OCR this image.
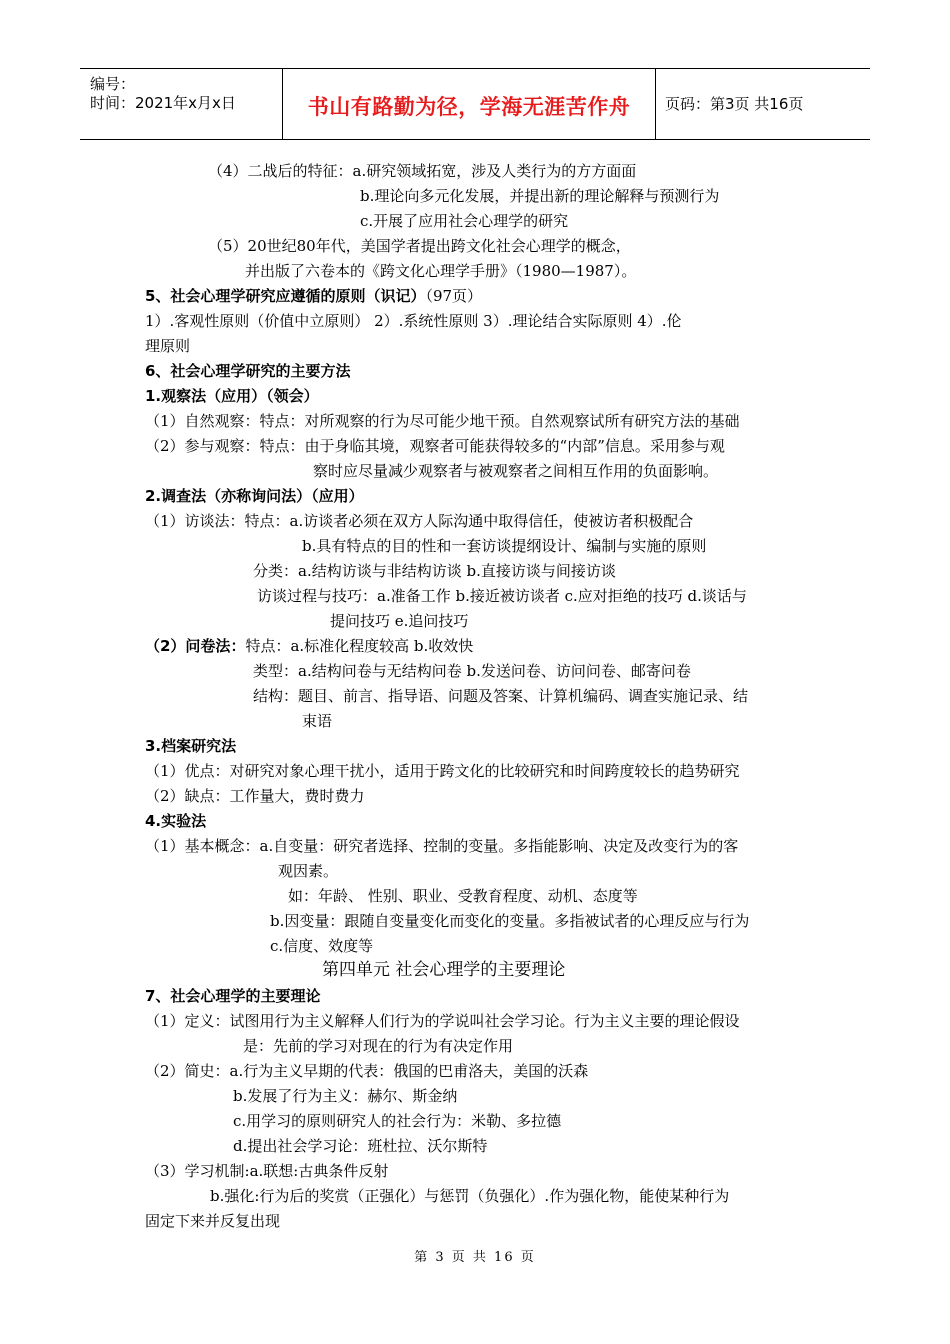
编号：
时间：2021年x月x日	书山有路勤为径，学海无涯苦作舟	页码：第3页 共16页
（4）二战后的特征：a.研究领域拓宽，涉及人类行为的方方面面
b.理论向多元化发展，并提出新的理论解释与预测行为
c.开展了应用社会心理学的研究
（5）20世纪80年代，美国学者提出跨文化社会心理学的概念，
并出版了六卷本的《跨文化心理学手册》（1980—1987）。
5、社会心理学研究应遵循的原则（识记）（97页）
1）.客观性原则（价值中立原则） 2）.系统性原则 3）.理论结合实际原则 4）.伦
理原则
6、社会心理学研究的主要方法
1.观察法（应用）（领会）
（1）自然观察：特点：对所观察的行为尽可能少地干预。自然观察试所有研究方法的基础
（2）参与观察：特点：由于身临其境，观察者可能获得较多的“内部”信息。采用参与观
察时应尽量减少观察者与被观察者之间相互作用的负面影响。
2.调查法（亦称询问法）（应用）
（1）访谈法：特点：a.访谈者必须在双方人际沟通中取得信任，使被访者积极配合
b.具有特点的目的性和一套访谈提纲设计、编制与实施的原则
分类：a.结构访谈与非结构访谈 b.直接访谈与间接访谈
访谈过程与技巧：a.准备工作 b.接近被访谈者 c.应对拒绝的技巧 d.谈话与
提问技巧 e.追问技巧
（2）问卷法：特点：a.标准化程度较高 b.收效快
类型：a.结构问卷与无结构问卷 b.发送问卷、访问问卷、邮寄问卷
结构：题目、前言、指导语、问题及答案、计算机编码、调查实施记录、结
束语
3.档案研究法
（1）优点：对研究对象心理干扰小，适用于跨文化的比较研究和时间跨度较长的趋势研究
（2）缺点：工作量大，费时费力
4.实验法
（1）基本概念：a.自变量：研究者选择、控制的变量。多指能影响、决定及改变行为的客
观因素。
如：年龄、 性别、职业、受教育程度、动机、态度等
b.因变量：跟随自变量变化而变化的变量。多指被试者的心理反应与行为
c.信度、效度等
第四单元 社会心理学的主要理论
7、社会心理学的主要理论
（1）定义：试图用行为主义解释人们行为的学说叫社会学习论。行为主义主要的理论假设
是：先前的学习对现在的行为有决定作用
（2）简史：a.行为主义早期的代表：俄国的巴甫洛夫，美国的沃森
b.发展了行为主义：赫尔、斯金纳
c.用学习的原则研究人的社会行为：米勒、多拉德
d.提出社会学习论：班杜拉、沃尔斯特
（3）学习机制:a.联想:古典条件反射
b.强化:行为后的奖赏（正强化）与惩罚（负强化）.作为强化物，能使某种行为
固定下来并反复出现
第 3 页 共 16 页
